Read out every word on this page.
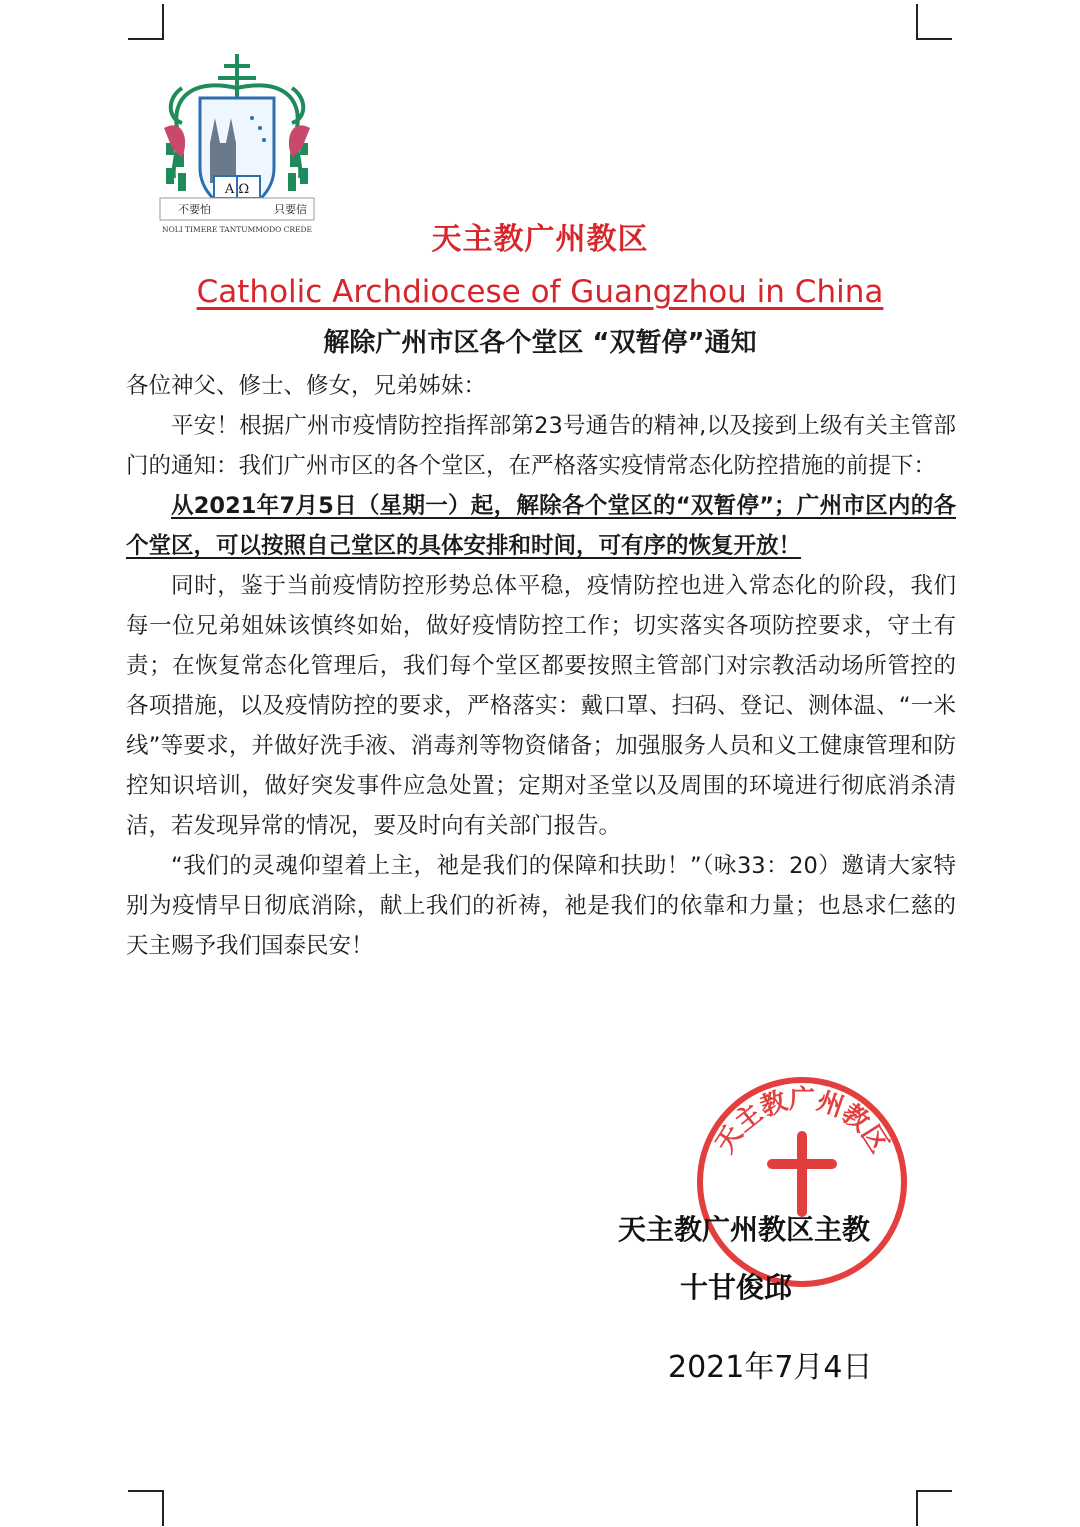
A Ω
不要怕	只要信
NOLI TIMERE TANTUMMODO CREDE	天主教广州教区
Catholic Archdiocese of Guangzhou in China
解除广州市区各个堂区 “双暂停”通知

各位神父、修士、修女，兄弟姊妹：

平安！根据广州市疫情防控指挥部第23号通告的精神,以及接到上级有关主管部门的通知：我们广州市区的各个堂区，在严格落实疫情常态化防控措施的前提下：

从2021年7月5日（星期一）起，解除各个堂区的“双暂停”；广州市区内的各个堂区，可以按照自己堂区的具体安排和时间，可有序的恢复开放！

同时，鉴于当前疫情防控形势总体平稳，疫情防控也进入常态化的阶段，我们每一位兄弟姐妹该慎终如始，做好疫情防控工作；切实落实各项防控要求，守土有责；在恢复常态化管理后，我们每个堂区都要按照主管部门对宗教活动场所管控的各项措施，以及疫情防控的要求，严格落实：戴口罩、扫码、登记、测体温、“一米线”等要求，并做好洗手液、消毒剂等物资储备；加强服务人员和义工健康管理和防控知识培训，做好突发事件应急处置；定期对圣堂以及周围的环境进行彻底消杀清洁，若发现异常的情况，要及时向有关部门报告。

“我们的灵魂仰望着上主，祂是我们的保障和扶助！”（咏33：20）邀请大家特别为疫情早日彻底消除，献上我们的祈祷，祂是我们的依靠和力量；也恳求仁慈的天主赐予我们国泰民安！

天主教广州教区
天主教广州教区主教
十甘俊邱
2021年7月4日
